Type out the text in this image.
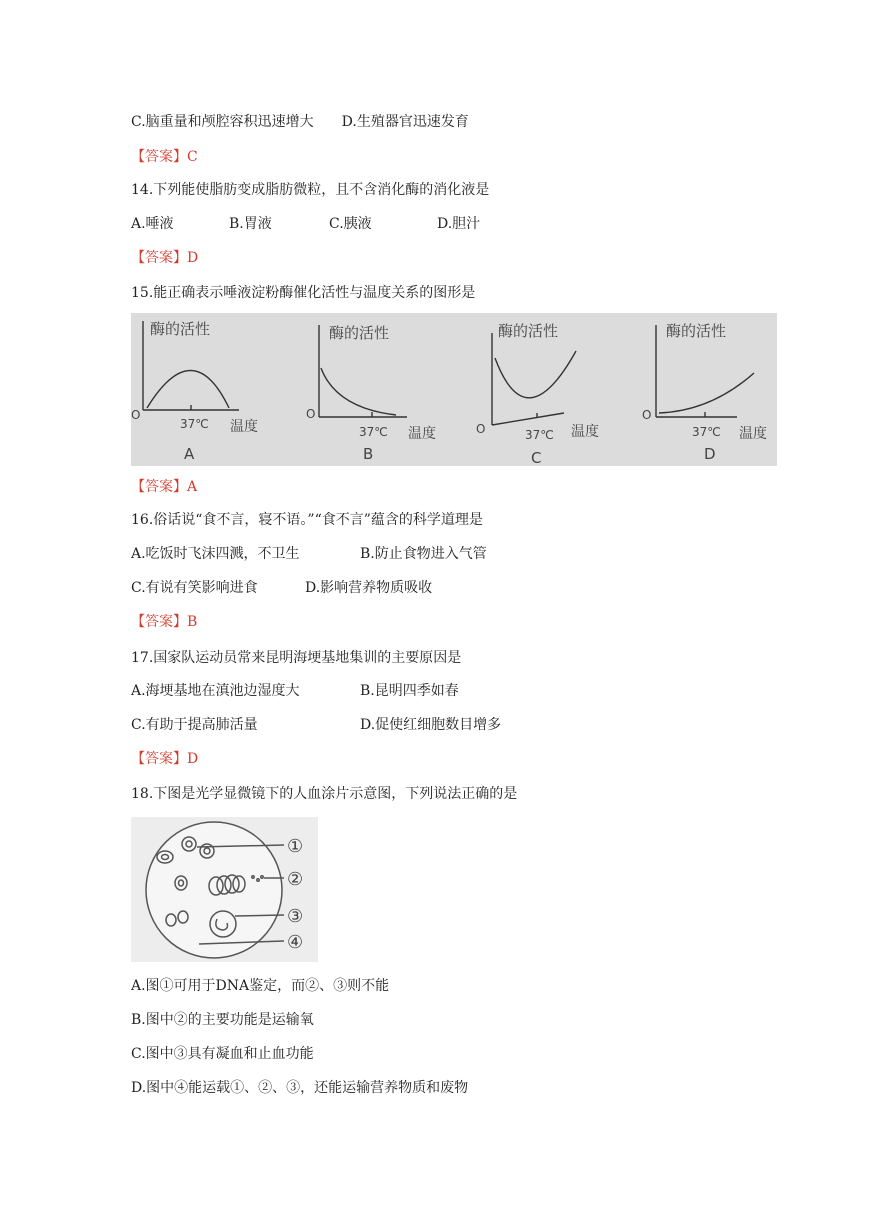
C.脑重量和颅腔容积迅速增大　　D.生殖器官迅速发育
【答案】C
14.下列能使脂肪变成脂肪微粒，且不含消化酶的消化液是
A.唾液	B.胃液	C.胰液	D.胆汁
【答案】D
15.能正确表示唾液淀粉酶催化活性与温度关系的图形是
酶的活性
O
37℃ 温度
A
酶的活性
O
37℃ 温度
B
酶的活性
O	37℃ 温度
C
酶的活性
O
37℃ 温度
D
【答案】A
16.俗话说“食不言，寝不语。”“食不言”蕴含的科学道理是
A.吃饭时飞沫四溅，不卫生	B.防止食物进入气管
C.有说有笑影响进食	D.影响营养物质吸收
【答案】B
17.国家队运动员常来昆明海埂基地集训的主要原因是
A.海埂基地在滇池边湿度大	B.昆明四季如春
C.有助于提高肺活量	D.促使红细胞数目增多
【答案】D
18.下图是光学显微镜下的人血涂片示意图，下列说法正确的是
①
②
③
④
A.图①可用于DNA鉴定，而②、③则不能
B.图中②的主要功能是运输氧
C.图中③具有凝血和止血功能
D.图中④能运载①、②、③，还能运输营养物质和废物
